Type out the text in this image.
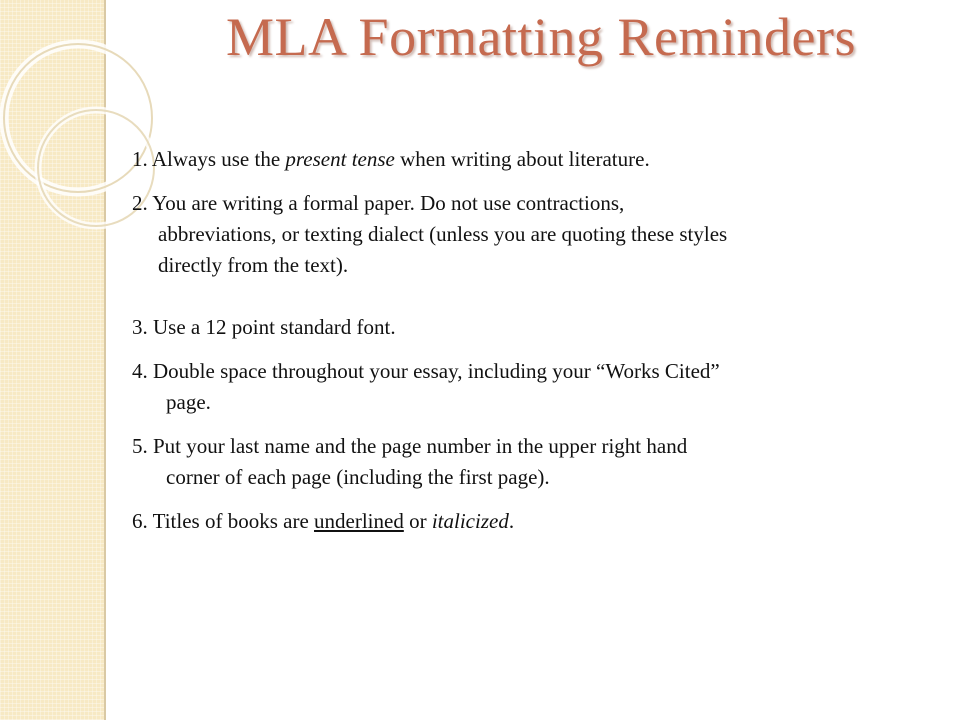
MLA Formatting Reminders

1. Always use the present tense when writing about literature.

2. You are writing a formal paper. Do not use contractions,
abbreviations, or texting dialect (unless you are quoting these styles
directly from the text).

3. Use a 12 point standard font.

4. Double space throughout your essay, including your “Works Cited”
page.

5. Put your last name and the page number in the upper right hand
corner of each page (including the first page).

6. Titles of books are underlined or italicized.
